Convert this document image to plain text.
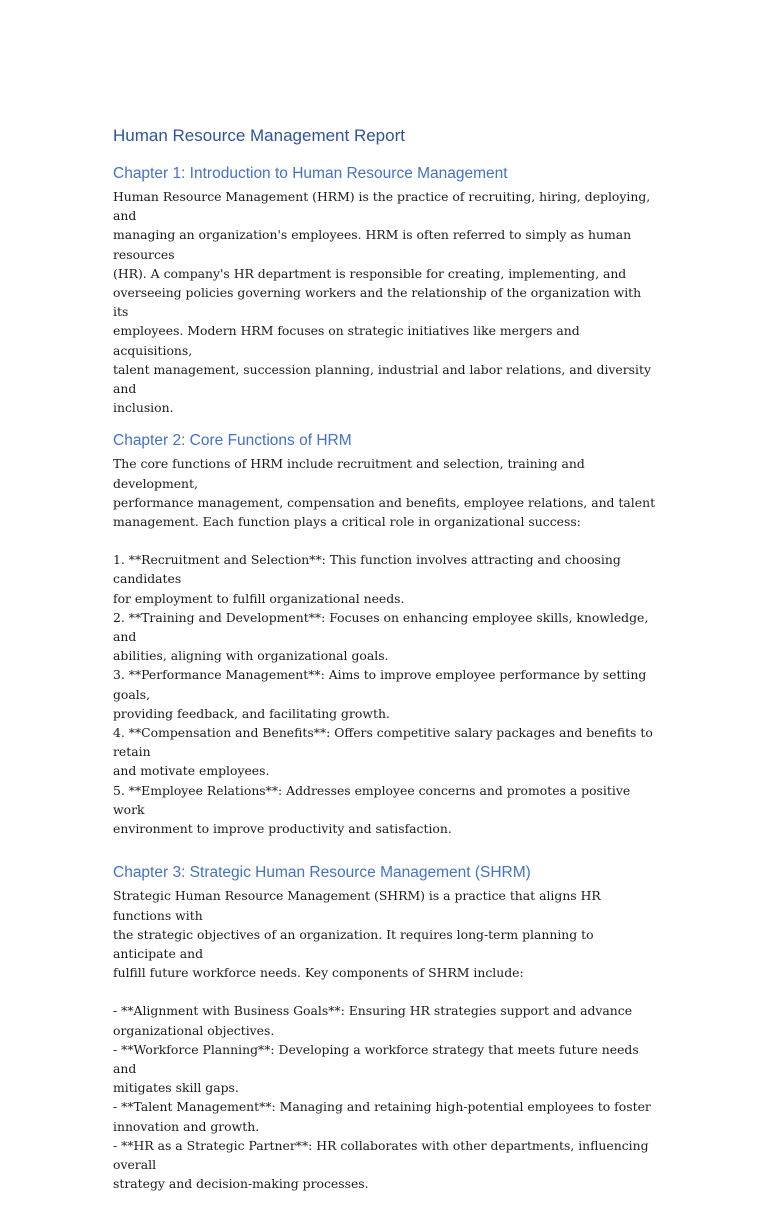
Human Resource Management Report
Chapter 1: Introduction to Human Resource Management

Human Resource Management (HRM) is the practice of recruiting, hiring, deploying, and
managing an organization's employees. HRM is often referred to simply as human resources
(HR). A company's HR department is responsible for creating, implementing, and
overseeing policies governing workers and the relationship of the organization with its
employees. Modern HRM focuses on strategic initiatives like mergers and acquisitions,
talent management, succession planning, industrial and labor relations, and diversity and
inclusion.

Chapter 2: Core Functions of HRM

The core functions of HRM include recruitment and selection, training and development,
performance management, compensation and benefits, employee relations, and talent
management. Each function plays a critical role in organizational success:

1. **Recruitment and Selection**: This function involves attracting and choosing candidates
for employment to fulfill organizational needs.

2. **Training and Development**: Focuses on enhancing employee skills, knowledge, and
abilities, aligning with organizational goals.

3. **Performance Management**: Aims to improve employee performance by setting goals,
providing feedback, and facilitating growth.

4. **Compensation and Benefits**: Offers competitive salary packages and benefits to retain
and motivate employees.

5. **Employee Relations**: Addresses employee concerns and promotes a positive work
environment to improve productivity and satisfaction.

Chapter 3: Strategic Human Resource Management (SHRM)

Strategic Human Resource Management (SHRM) is a practice that aligns HR functions with
the strategic objectives of an organization. It requires long-term planning to anticipate and
fulfill future workforce needs. Key components of SHRM include:

- **Alignment with Business Goals**: Ensuring HR strategies support and advance
organizational objectives.

- **Workforce Planning**: Developing a workforce strategy that meets future needs and
mitigates skill gaps.

- **Talent Management**: Managing and retaining high-potential employees to foster
innovation and growth.

- **HR as a Strategic Partner**: HR collaborates with other departments, influencing overall
strategy and decision-making processes.
